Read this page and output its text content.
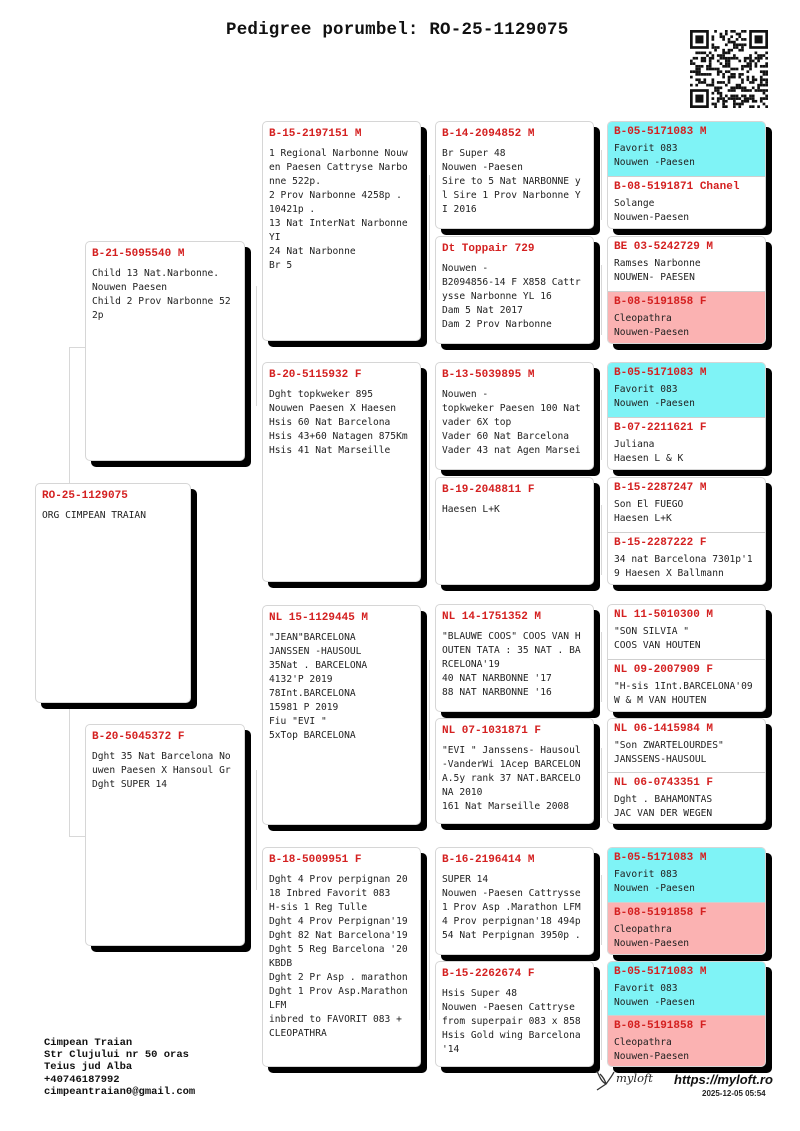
Pedigree porumbel: RO-25-1129075
RO-25-1129075
ORG CIMPEAN TRAIAN
B-21-5095540 M
Child 13 Nat.Narbonne.
Nouwen Paesen
Child 2 Prov Narbonne 52
2p
B-20-5045372 F
Dght 35 Nat Barcelona No
uwen Paesen X Hansoul Gr
Dght SUPER 14
B-15-2197151 M
1 Regional Narbonne Nouw
en Paesen Cattryse Narbo
nne 522p.
2 Prov Narbonne 4258p .
10421p .
13 Nat InterNat Narbonne
YI
24 Nat Narbonne
Br 5
B-20-5115932 F
Dght topkweker 895
Nouwen Paesen X Haesen
Hsis 60 Nat Barcelona
Hsis 43+60 Natagen 875Km
Hsis 41 Nat Marseille
NL 15-1129445 M
"JEAN"BARCELONA
JANSSEN -HAUSOUL
35Nat . BARCELONA
4132'P 2019
78Int.BARCELONA
15981 P 2019
Fiu "EVI "
5xTop BARCELONA
B-18-5009951 F
Dght 4 Prov perpignan 20
18 Inbred Favorit 083
H-sis 1 Reg Tulle
Dght 4 Prov Perpignan'19
Dght 82 Nat Barcelona'19
Dght 5 Reg Barcelona '20
KBDB
Dght 2 Pr Asp . marathon
Dght 1 Prov Asp.Marathon
LFM
inbred to FAVORIT 083 +
CLEOPATHRA
B-14-2094852 M
Br Super 48
Nouwen -Paesen
Sire to 5 Nat NARBONNE y
l Sire 1 Prov Narbonne Y
I 2016
Dt Toppair 729
Nouwen -
B2094856-14 F X858 Cattr
ysse Narbonne YL 16
Dam 5 Nat 2017
Dam 2 Prov Narbonne
B-13-5039895 M
Nouwen -
topkweker Paesen 100 Nat
vader 6X top
Vader 60 Nat Barcelona
Vader 43 nat Agen Marsei
B-19-2048811 F
Haesen L+K
NL 14-1751352 M
"BLAUWE COOS" COOS VAN H
OUTEN TATA : 35 NAT . BA
RCELONA'19
40 NAT NARBONNE '17
88 NAT NARBONNE '16
NL 07-1031871 F
"EVI " Janssens- Hausoul
-VanderWi 1Acep BARCELON
A.5y rank 37 NAT.BARCELO
NA 2010
161 Nat Marseille 2008
B-16-2196414 M
SUPER 14
Nouwen -Paesen Cattrysse
1 Prov Asp .Marathon LFM
4 Prov perpignan'18 494p
54 Nat Perpignan 3950p .
B-15-2262674 F
Hsis Super 48
Nouwen -Paesen Cattryse
from superpair 083 x 858
Hsis Gold wing Barcelona
'14
B-05-5171083 M
Favorit 083
Nouwen -Paesen
B-08-5191871 Chanel
Solange
Nouwen-Paesen
BE 03-5242729 M
Ramses Narbonne
NOUWEN- PAESEN
B-08-5191858 F
Cleopathra
Nouwen-Paesen
B-05-5171083 M
Favorit 083
Nouwen -Paesen
B-07-2211621 F
Juliana
Haesen L & K
B-15-2287247 M
Son El FUEGO
Haesen L+K
B-15-2287222 F
34 nat Barcelona 7301p'1
9 Haesen X Ballmann
NL 11-5010300 M
"SON SILVIA "
COOS VAN HOUTEN
NL 09-2007909 F
"H-sis 1Int.BARCELONA'09
W & M VAN HOUTEN
NL 06-1415984 M
"Son ZWARTELOURDES"
JANSSENS-HAUSOUL
NL 06-0743351 F
Dght . BAHAMONTAS
JAC VAN DER WEGEN
B-05-5171083 M
Favorit 083
Nouwen -Paesen
B-08-5191858 F
Cleopathra
Nouwen-Paesen
B-05-5171083 M
Favorit 083
Nouwen -Paesen
B-08-5191858 F
Cleopathra
Nouwen-Paesen
Cimpean Traian
Str Clujului nr 50 oras
Teius jud Alba
+40746187992
cimpeantraian0@gmail.com
myloft https://myloft.ro
2025-12-05 05:54
